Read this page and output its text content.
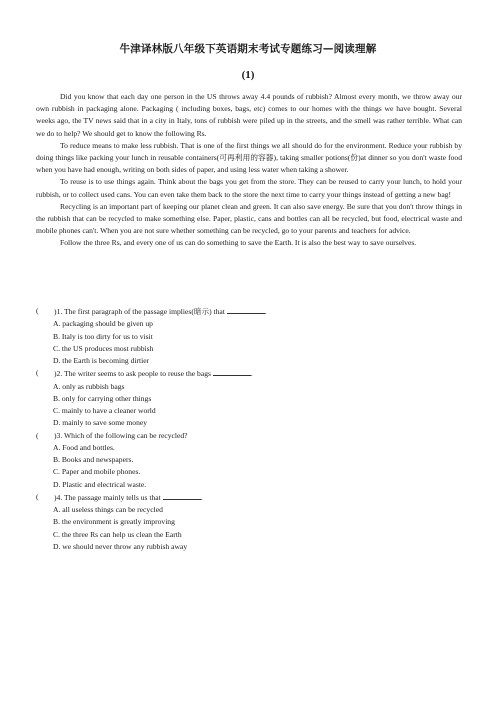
牛津译林版八年级下英语期末考试专题练习—阅读理解
(1)

Did you know that each day one person in the US throws away 4.4 pounds of rubbish? Almost every month, we throw away our own rubbish in packaging alone. Packaging ( including boxes, bags, etc) comes to our homes with the things we have bought. Several weeks ago, the TV news said that in a city in Italy, tons of rubbish were piled up in the streets, and the smell was rather terrible. What can we do to help? We should get to know the following Rs.

To reduce means to make less rubbish. That is one of the first things we all should do for the environment. Reduce your rubbish by doing things like packing your lunch in reusable containers(可再利用的容器), taking smaller potions(份)at dinner so you don't waste food when you have had enough, writing on both sides of paper, and using less water when taking a shower.

To reuse is to use things again. Think about the bags you get from the store. They can be reused to carry your lunch, to hold your rubbish, or to collect used cans. You can even take them back to the store the next time to carry your things instead of getting a new bag!

Recycling is an important part of keeping our planet clean and green. It can also save energy. Be sure that you don't throw things in the rubbish that can be recycled to make something else. Paper, plastic, cans and bottles can all be recycled, but food, electrical waste and mobile phones can't. When you are not sure whether something can be recycled, go to your parents and teachers for advice.

Follow the three Rs, and every one of us can do something to save the Earth. It is also the best way to save ourselves.

(	)1. The first paragraph of the passage implies(暗示) that	.
A. packaging should be given up
B. Italy is too dirty for us to visit
C. the US produces most rubbish
D. the Earth is becoming dirtier
(	)2. The writer seems to ask people to reuse the bags	.
A. only as rubbish bags
B. only for carrying other things
C. mainly to have a cleaner world
D. mainly to save some money
(	)3. Which of the following can be recycled?
A. Food and bottles.
B. Books and newspapers.
C. Paper and mobile phones.
D. Plastic and electrical waste.
(	)4. The passage mainly tells us that	.
A. all useless things can be recycled
B. the environment is greatly improving
C. the three Rs can help us clean the Earth
D. we should never throw any rubbish away
